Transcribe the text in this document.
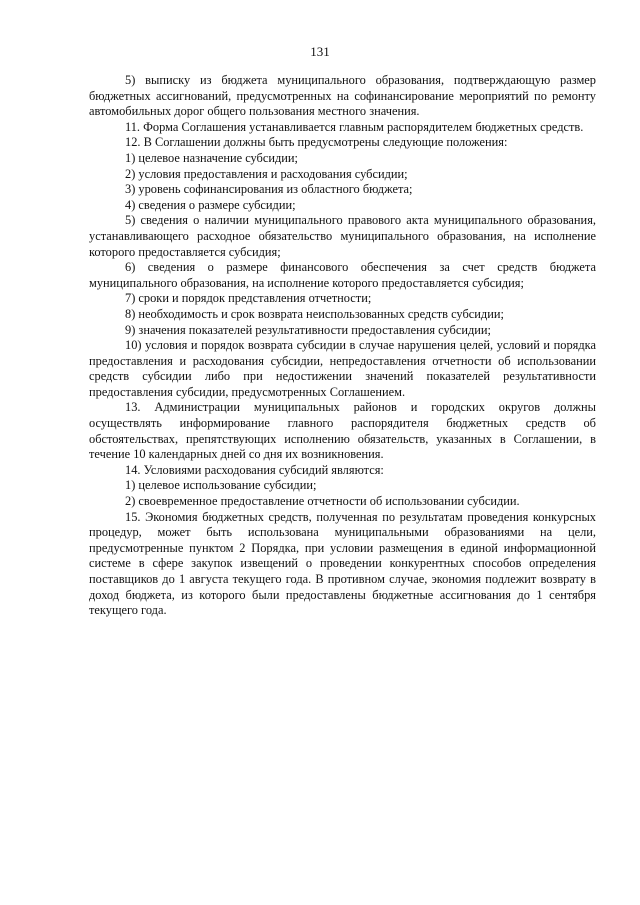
131

5) выписку из бюджета муниципального образования, подтверждающую размер бюджетных ассигнований, предусмотренных на софинансирование мероприятий по ремонту автомобильных дорог общего пользования местного значения.

11. Форма Соглашения устанавливается главным распорядителем бюджетных средств.

12. В Соглашении должны быть предусмотрены следующие положения:

1) целевое назначение субсидии;

2) условия предоставления и расходования субсидии;

3) уровень софинансирования из областного бюджета;

4) сведения о размере субсидии;

5) сведения о наличии муниципального правового акта муниципального образования, устанавливающего расходное обязательство муниципального образования, на исполнение которого предоставляется субсидия;

6) сведения о размере финансового обеспечения за счет средств бюджета муниципального образования, на исполнение которого предоставляется субсидия;

7) сроки и порядок представления отчетности;

8) необходимость и срок возврата неиспользованных средств субсидии;

9) значения показателей результативности предоставления субсидии;

10) условия и порядок возврата субсидии в случае нарушения целей, условий и порядка предоставления и расходования субсидии, непредоставления отчетности об использовании средств субсидии либо при недостижении значений показателей результативности предоставления субсидии, предусмотренных Соглашением.

13. Администрации муниципальных районов и городских округов должны осуществлять информирование главного распорядителя бюджетных средств об обстоятельствах, препятствующих исполнению обязательств, указанных в Соглашении, в течение 10 календарных дней со дня их возникновения.

14. Условиями расходования субсидий являются:

1) целевое использование субсидии;

2) своевременное предоставление отчетности об использовании субсидии.

15. Экономия бюджетных средств, полученная по результатам проведения конкурсных процедур, может быть использована муниципальными образованиями на цели, предусмотренные пунктом 2 Порядка, при условии размещения в единой информационной системе в сфере закупок извещений о проведении конкурентных способов определения поставщиков до 1 августа текущего года. В противном случае, экономия подлежит возврату в доход бюджета, из которого были предоставлены бюджетные ассигнования до 1 сентября текущего года.
